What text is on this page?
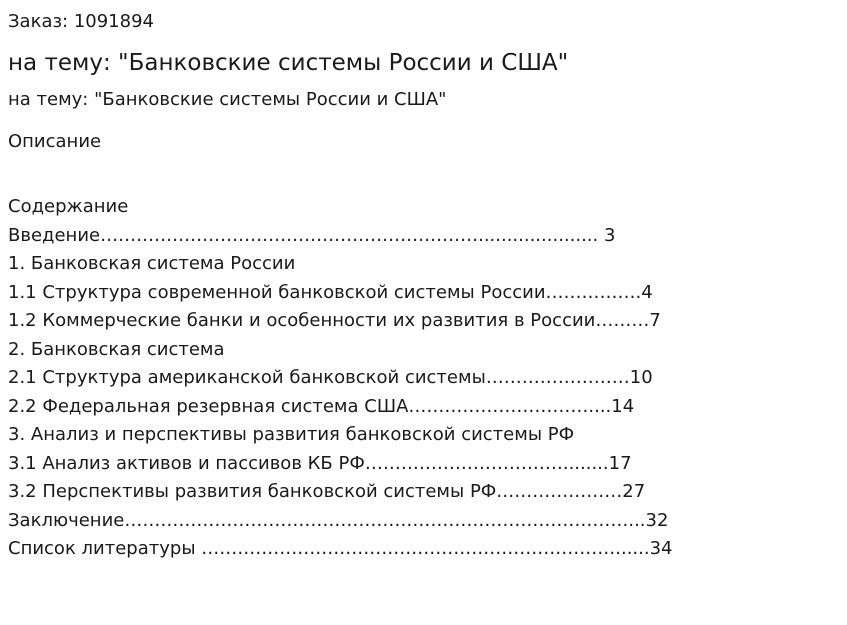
Заказ: 1091894
на тему: "Банковские системы России и США"
на тему: "Банковские системы России и США"
Описание
Содержание
Введение………………………………………………………..................... 3
1. Банковская система России
1.1 Структура современной банковской системы России…………….4
1.2 Коммерческие банки и особенности их развития в России………7
2. Банковская система
2.1 Структура американской банковской системы……………………10
2.2 Федеральная резервная система США…………………………....14
3. Анализ и перспективы развития банковской системы РФ
3.1 Анализ активов и пассивов КБ РФ……………………………........17
3.2 Перспективы развития банковской системы РФ…………………27
Заключение…………………………………………………………………………...32
Список литературы ……………………………………………………………......34
